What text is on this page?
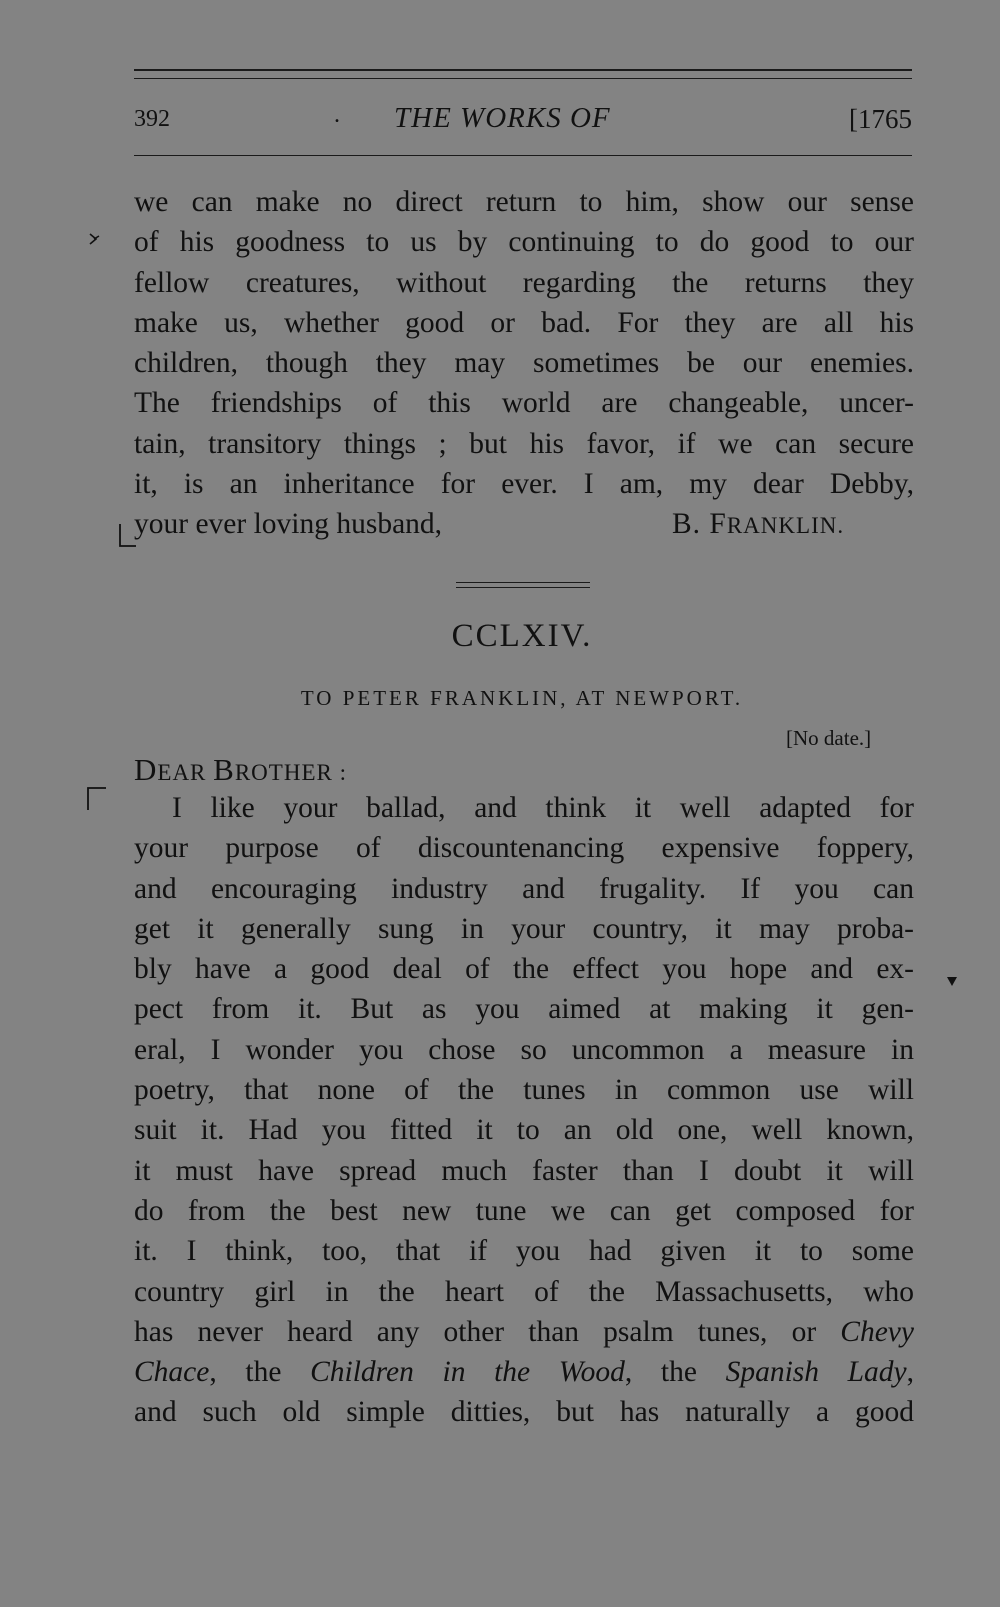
392	. THE WORKS OF	[1765
we can make no direct return to him, show our sense
of his goodness to us by continuing to do good to our
fellow creatures, without regarding the returns they
make us, whether good or bad. For they are all his
children, though they may sometimes be our enemies.
The friendships of this world are changeable, uncer-
tain, transitory things ; but his favor, if we can secure
it, is an inheritance for ever. I am, my dear Debby,
your ever loving husband,	B. FRANKLIN.
CCLXIV.
TO PETER FRANKLIN, AT NEWPORT.
[No date.]
DEAR BROTHER :
I like your ballad, and think it well adapted for
your purpose of discountenancing expensive foppery,
and encouraging industry and frugality. If you can
get it generally sung in your country, it may proba-
bly have a good deal of the effect you hope and ex-
pect from it. But as you aimed at making it gen-
eral, I wonder you chose so uncommon a measure in
poetry, that none of the tunes in common use will
suit it. Had you fitted it to an old one, well known,
it must have spread much faster than I doubt it will
do from the best new tune we can get composed for
it. I think, too, that if you had given it to some
country girl in the heart of the Massachusetts, who
has never heard any other than psalm tunes, or Chevy
Chace, the Children in the Wood, the Spanish Lady,
and such old simple ditties, but has naturally a good
